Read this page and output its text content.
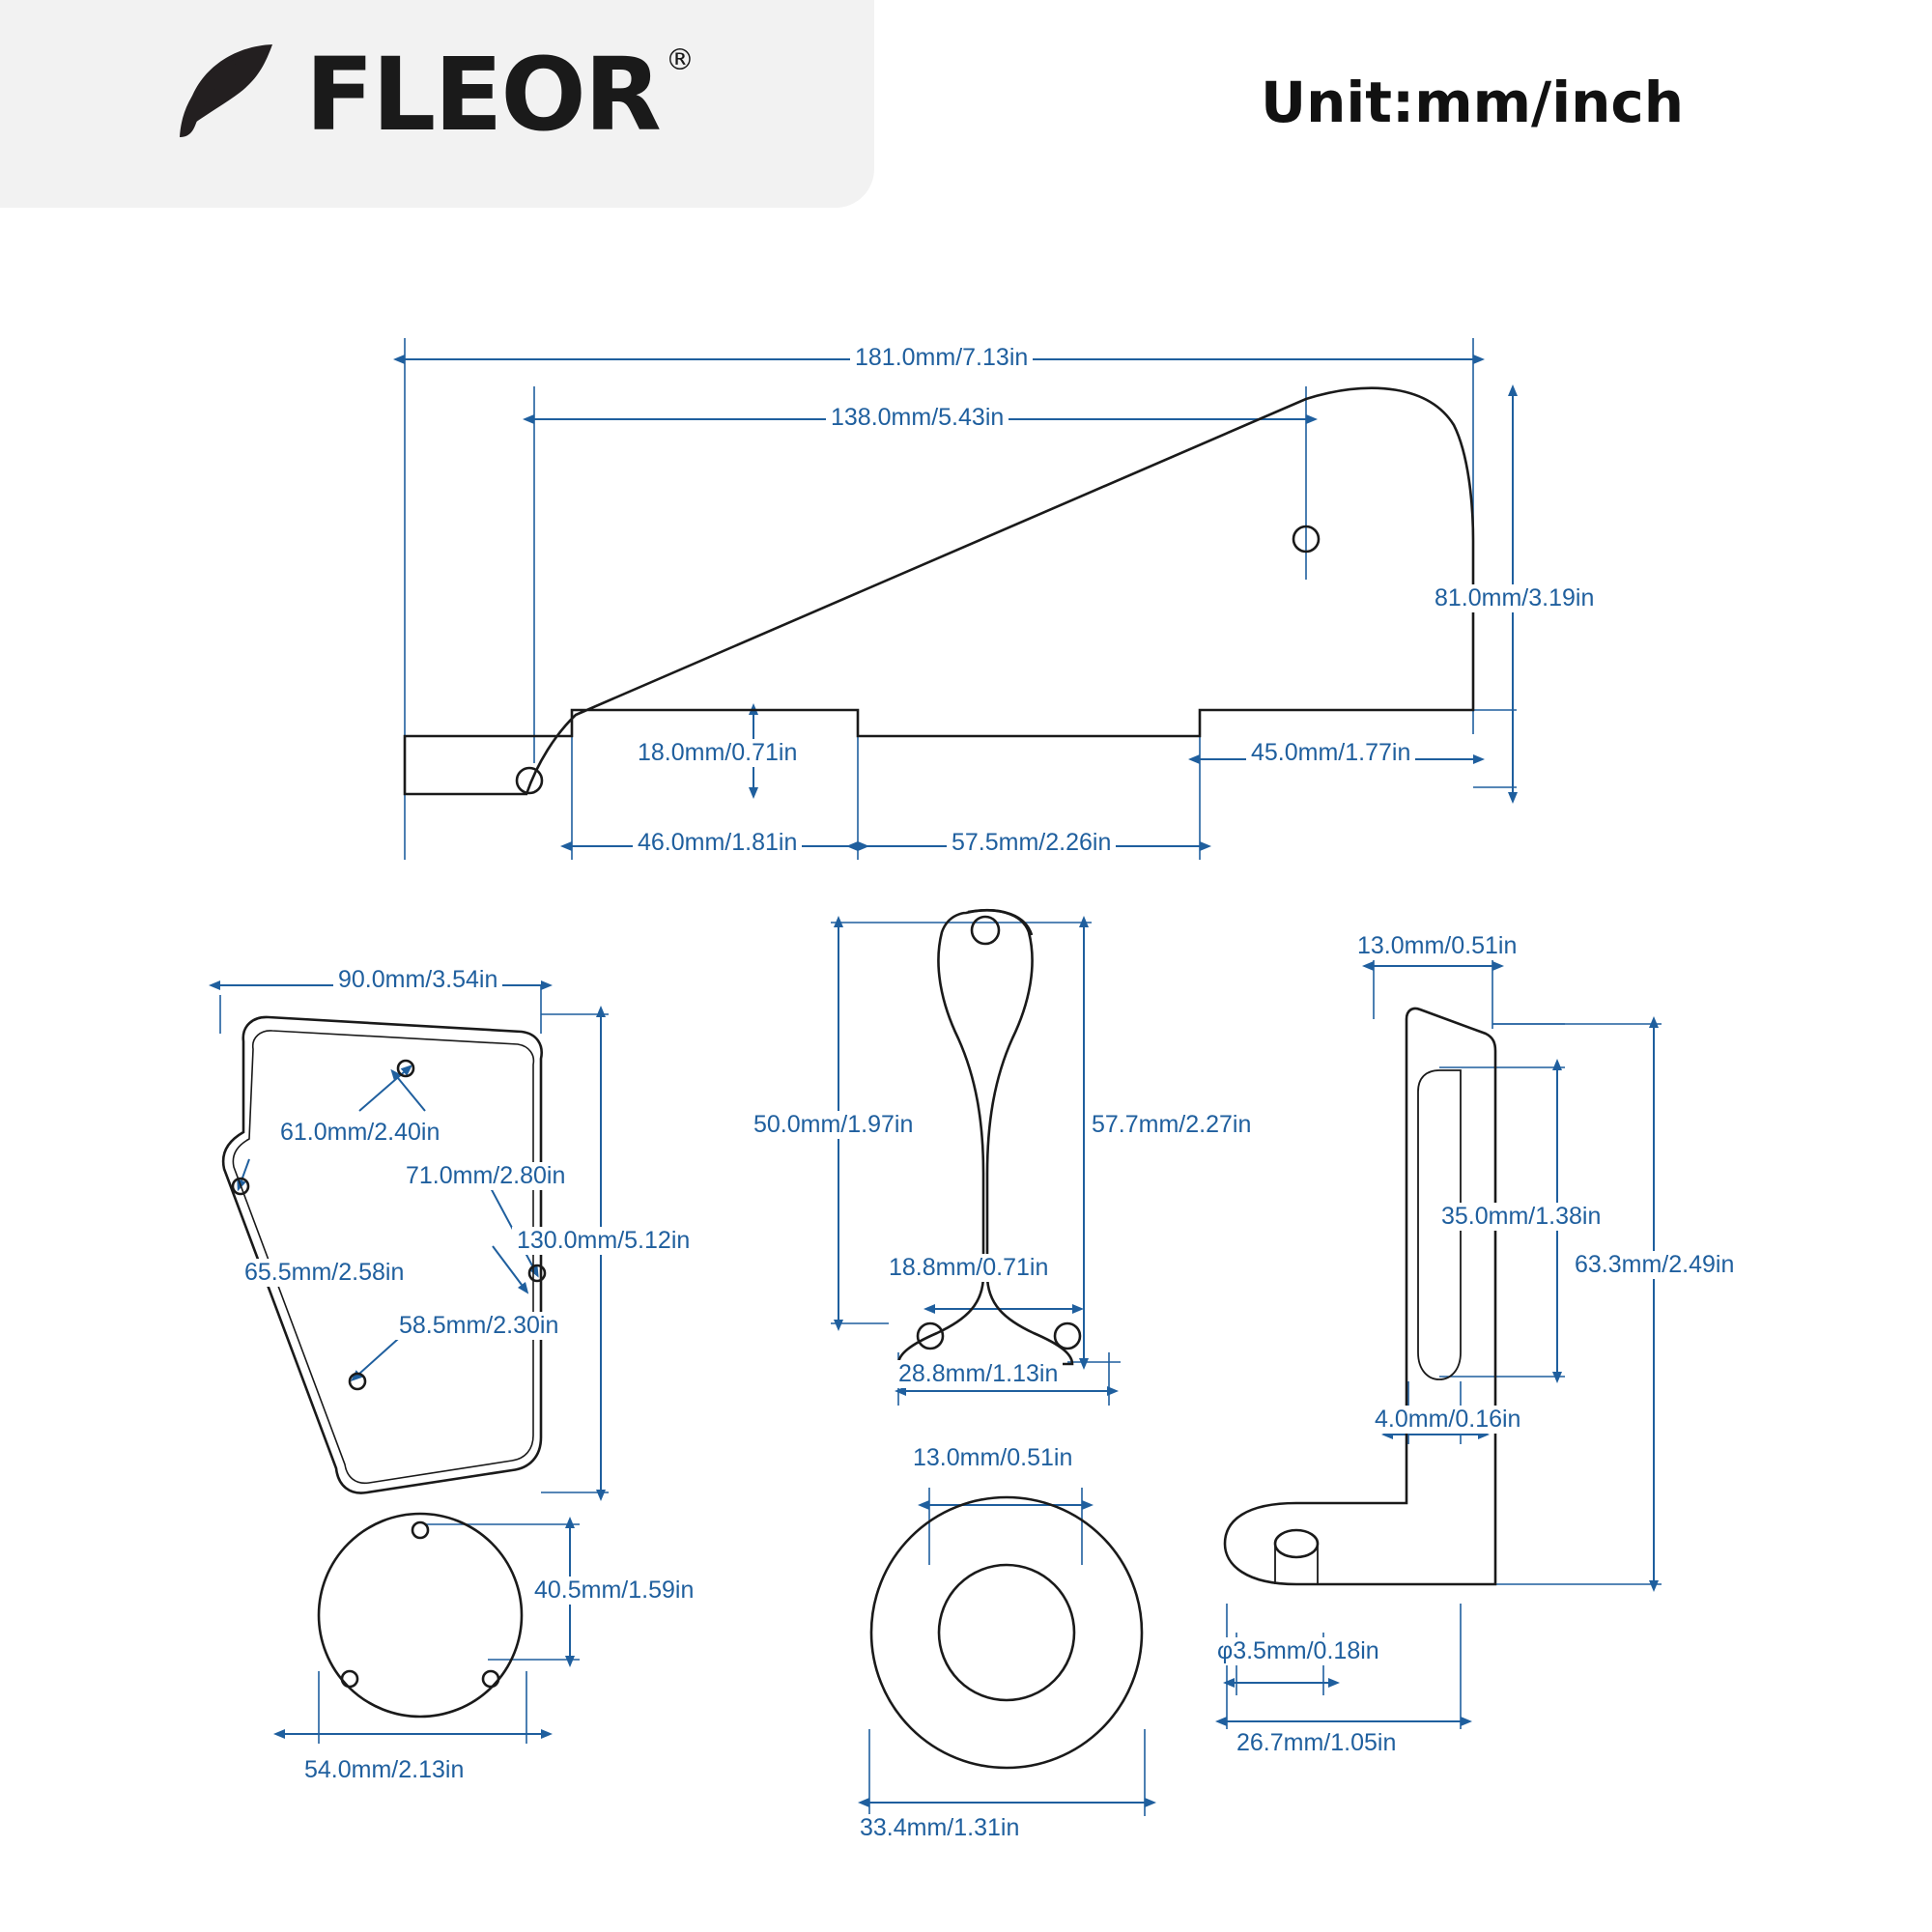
FLEOR ®
Unit:mm/inch
181.0mm/7.13in
138.0mm/5.43in
81.0mm/3.19in
18.0mm/0.71in	45.0mm/1.77in
46.0mm/1.81in	57.5mm/2.26in
90.0mm/3.54in
130.0mm/5.12in
61.0mm/2.40in
71.0mm/2.80in
65.5mm/2.58in
58.5mm/2.30in
54.0mm/2.13in
40.5mm/1.59in
50.0mm/1.97in	57.7mm/2.27in
18.8mm/0.71in
28.8mm/1.13in
13.0mm/0.51in
33.4mm/1.31in
13.0mm/0.51in
35.0mm/1.38in
63.3mm/2.49in
4.0mm/0.16in
φ3.5mm/0.18in
26.7mm/1.05in
